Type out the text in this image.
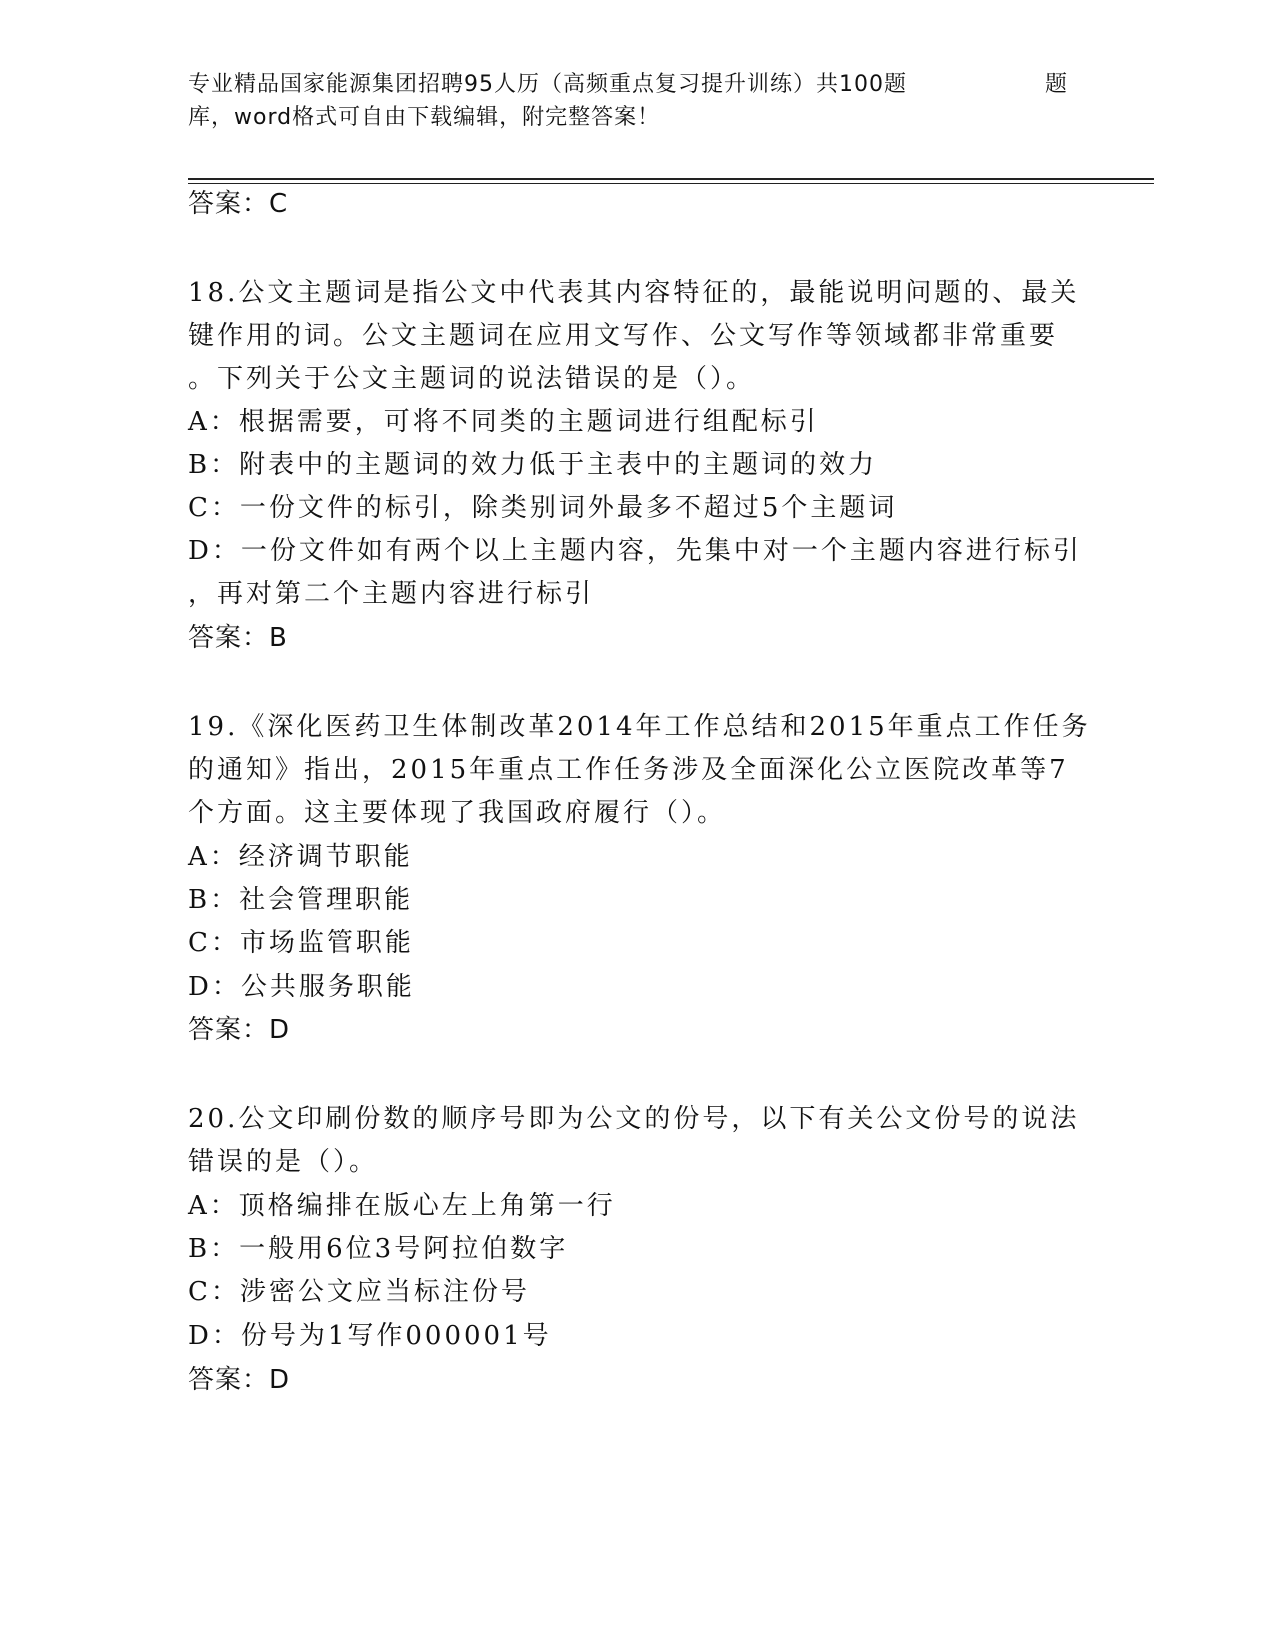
专业精品国家能源集团招聘95人历（高频重点复习提升训练）共100题	题
库，word格式可自由下载编辑，附完整答案！
答案：C
18.公文主题词是指公文中代表其内容特征的，最能说明问题的、最关
键作用的词。公文主题词在应用文写作、公文写作等领域都非常重要
。下列关于公文主题词的说法错误的是（）。
A：根据需要，可将不同类的主题词进行组配标引
B：附表中的主题词的效力低于主表中的主题词的效力
C：一份文件的标引，除类别词外最多不超过5个主题词
D：一份文件如有两个以上主题内容，先集中对一个主题内容进行标引
，再对第二个主题内容进行标引
答案：B
19.《深化医药卫生体制改革2014年工作总结和2015年重点工作任务
的通知》指出，2015年重点工作任务涉及全面深化公立医院改革等7
个方面。这主要体现了我国政府履行（）。
A：经济调节职能
B：社会管理职能
C：市场监管职能
D：公共服务职能
答案：D
20.公文印刷份数的顺序号即为公文的份号，以下有关公文份号的说法
错误的是（）。
A：顶格编排在版心左上角第一行
B：一般用6位3号阿拉伯数字
C：涉密公文应当标注份号
D：份号为1写作000001号
答案：D
